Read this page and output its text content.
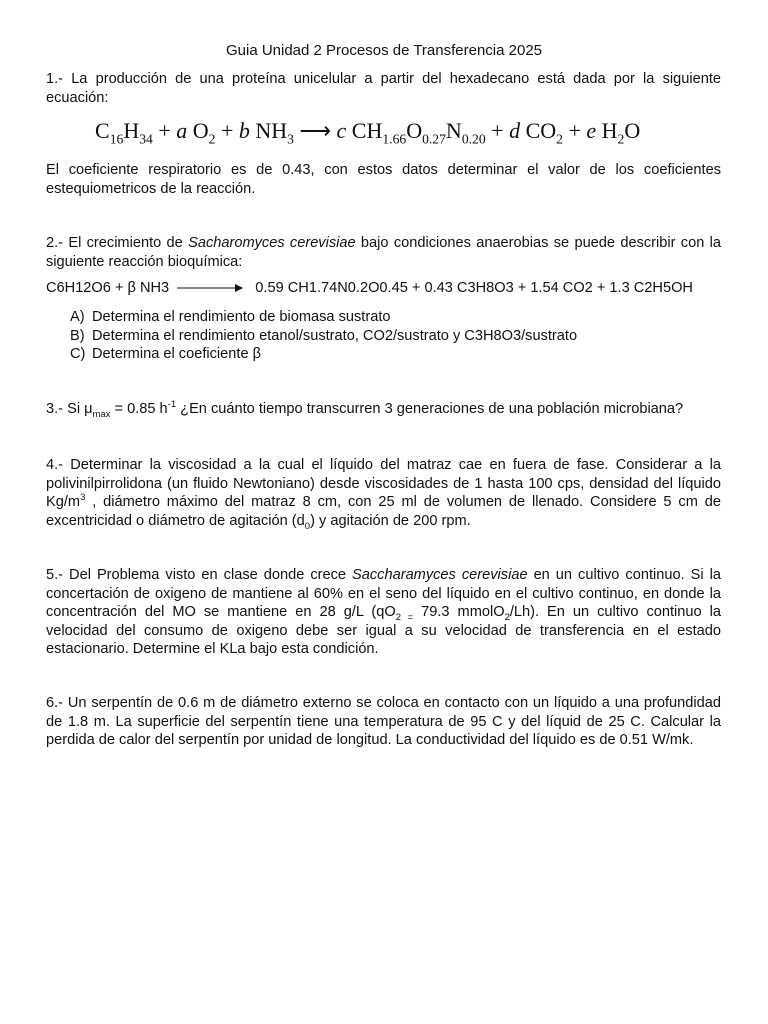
Guia Unidad 2 Procesos de Transferencia 2025
1.- La producción de una proteína unicelular a partir del hexadecano está dada por la siguiente ecuación:
$C_{16}H_{34} + a$ $O_2 + b$ $NH_3$ ⟶ c $CH_{1.66}O_{0.27}N_{0.20} + d$ $CO_2 + e$ $H_2O$
El coeficiente respiratorio es de 0.43, con estos datos determinar el valor de los coeficientes estequiometricos de la reacción.
2.- El crecimiento de Sacharomyces cerevisiae bajo condiciones anaerobias se puede describir con la siguiente reacción bioquímica:
C6H12O6 + β NH3	0.59 CH1.74N0.2O0.45 + 0.43 C3H8O3 + 1.54 CO2 + 1.3 C2H5OH
A) Determina el rendimiento de biomasa sustrato
B) Determina el rendimiento etanol/sustrato, CO2/sustrato y C3H8O3/sustrato
C) Determina el coeficiente β
3.- Si $\mu_{max} = 0.85$ $h^{-1}$ ¿En cuánto tiempo transcurren 3 generaciones de una población microbiana?
4.- Determinar la viscosidad a la cual el líquido del matraz cae en fuera de fase. Considerar a la polivinilpirrolidona (un fluido Newtoniano) desde viscosidades de 1 hasta 100 cps, densidad del líquido $Kg/m^3$ , diámetro máximo del matraz 8 cm, con 25 ml de volumen de llenado. Considere 5 cm de excentricidad o diámetro de agitación $(d_0)$ y agitación de 200 rpm.
5.- Del Problema visto en clase donde crece Saccharamyces cerevisiae en un cultivo continuo. Si la concertación de oxigeno de mantiene al 60% en el seno del líquido en el cultivo continuo, en donde la concentración del MO se mantiene en 28 g/L ($qO_{2 =}$ 79.3 mmolO$_2$/Lh). En un cultivo continuo la velocidad del consumo de oxigeno debe ser igual a su velocidad de transferencia en el estado estacionario. Determine el KLa bajo esta condición.
6.- Un serpentín de 0.6 m de diámetro externo se coloca en contacto con un líquido a una profundidad de 1.8 m. La superficie del serpentín tiene una temperatura de 95 C y del líquid de 25 C. Calcular la perdida de calor del serpentín por unidad de longitud. La conductividad del líquido es de 0.51 W/mk.
